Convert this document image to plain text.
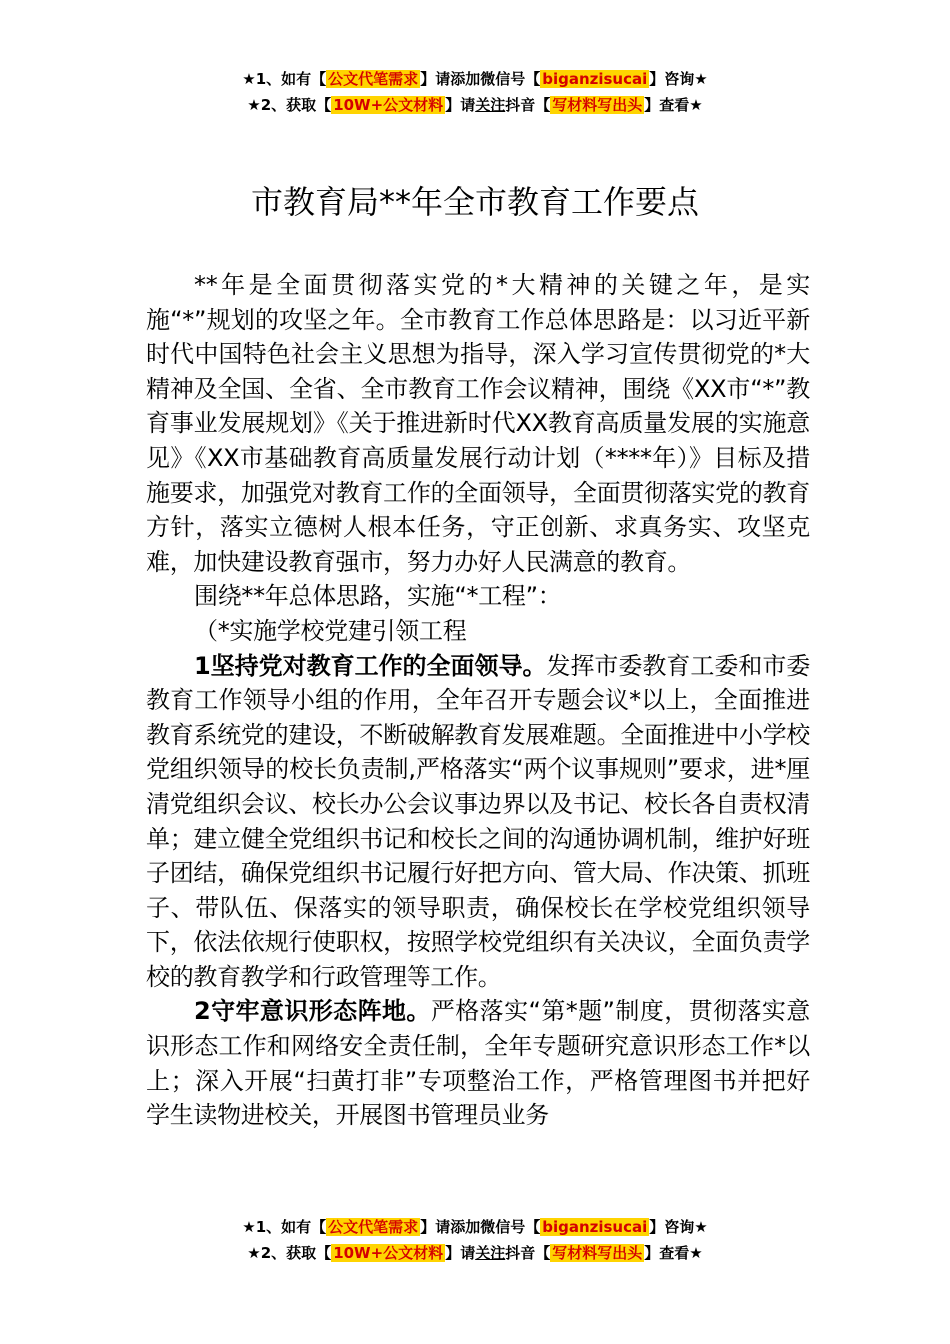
★1、如有【 公文代笔需求 】请添加微信号【 biganzisucai 】咨询★
★2、获取【 10W+公文材料 】请关注抖音【 写材料写出头 】查看★
市教育局**年全市教育工作要点

**年是全面贯彻落实党的*大精神的关键之年，是实施“*”规划的攻坚之年。全市教育工作总体思路是：以习近平新时代中国特色社会主义思想为指导，深入学习宣传贯彻党的*大精神及全国、全省、全市教育工作会议精神，围绕《XX市“*”教育事业发展规划》《关于推进新时代XX教育高质量发展的实施意见》《XX市基础教育高质量发展行动计划（****年）》目标及措施要求，加强党对教育工作的全面领导，全面贯彻落实党的教育方针，落实立德树人根本任务，守正创新、求真务实、攻坚克难，加快建设教育强市，努力办好人民满意的教育。

围绕**年总体思路，实施“*工程”：

（*实施学校党建引领工程

1坚持党对教育工作的全面领导。发挥市委教育工委和市委教育工作领导小组的作用，全年召开专题会议*以上，全面推进教育系统党的建设，不断破解教育发展难题。全面推进中小学校党组织领导的校长负责制,严格落实“两个议事规则”要求，进*厘清党组织会议、校长办公会议事边界以及书记、校长各自责权清单；建立健全党组织书记和校长之间的沟通协调机制，维护好班子团结，确保党组织书记履行好把方向、管大局、作决策、抓班子、带队伍、保落实的领导职责，确保校长在学校党组织领导下，依法依规行使职权，按照学校党组织有关决议，全面负责学校的教育教学和行政管理等工作。

2守牢意识形态阵地。严格落实“第*题”制度，贯彻落实意识形态工作和网络安全责任制，全年专题研究意识形态工作*以上；深入开展“扫黄打非”专项整治工作，严格管理图书并把好学生读物进校关，开展图书管理员业务

★1、如有【 公文代笔需求 】请添加微信号【 biganzisucai 】咨询★
★2、获取【 10W+公文材料 】请关注抖音【 写材料写出头 】查看★
